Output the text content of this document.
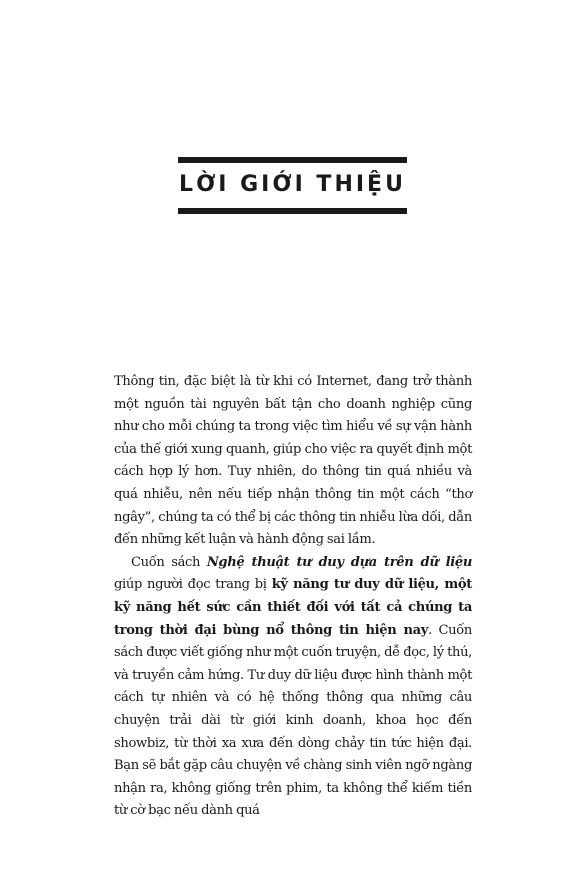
LỜI GIỚI THIỆU

Thông tin, đặc biệt là từ khi có Internet, đang trở thành một nguồn tài nguyên bất tận cho doanh nghiệp cũng như cho mỗi chúng ta trong việc tìm hiểu về sự vận hành của thế giới xung quanh, giúp cho việc ra quyết định một cách hợp lý hơn. Tuy nhiên, do thông tin quá nhiều và quá nhiễu, nên nếu tiếp nhận thông tin một cách “thơ ngây”, chúng ta có thể bị các thông tin nhiễu lừa dối, dẫn đến những kết luận và hành động sai lầm.

Cuốn sách Nghệ thuật tư duy dựa trên dữ liệu giúp người đọc trang bị kỹ năng tư duy dữ liệu, một kỹ năng hết sức cần thiết đối với tất cả chúng ta trong thời đại bùng nổ thông tin hiện nay. Cuốn sách được viết giống như một cuốn truyện, dễ đọc, lý thú, và truyền cảm hứng. Tư duy dữ liệu được hình thành một cách tự nhiên và có hệ thống thông qua những câu chuyện trải dài từ giới kinh doanh, khoa học đến showbiz, từ thời xa xưa đến dòng chảy tin tức hiện đại. Bạn sẽ bắt gặp câu chuyện về chàng sinh viên ngỡ ngàng nhận ra, không giống trên phim, ta không thể kiếm tiền từ cờ bạc nếu dành quá
